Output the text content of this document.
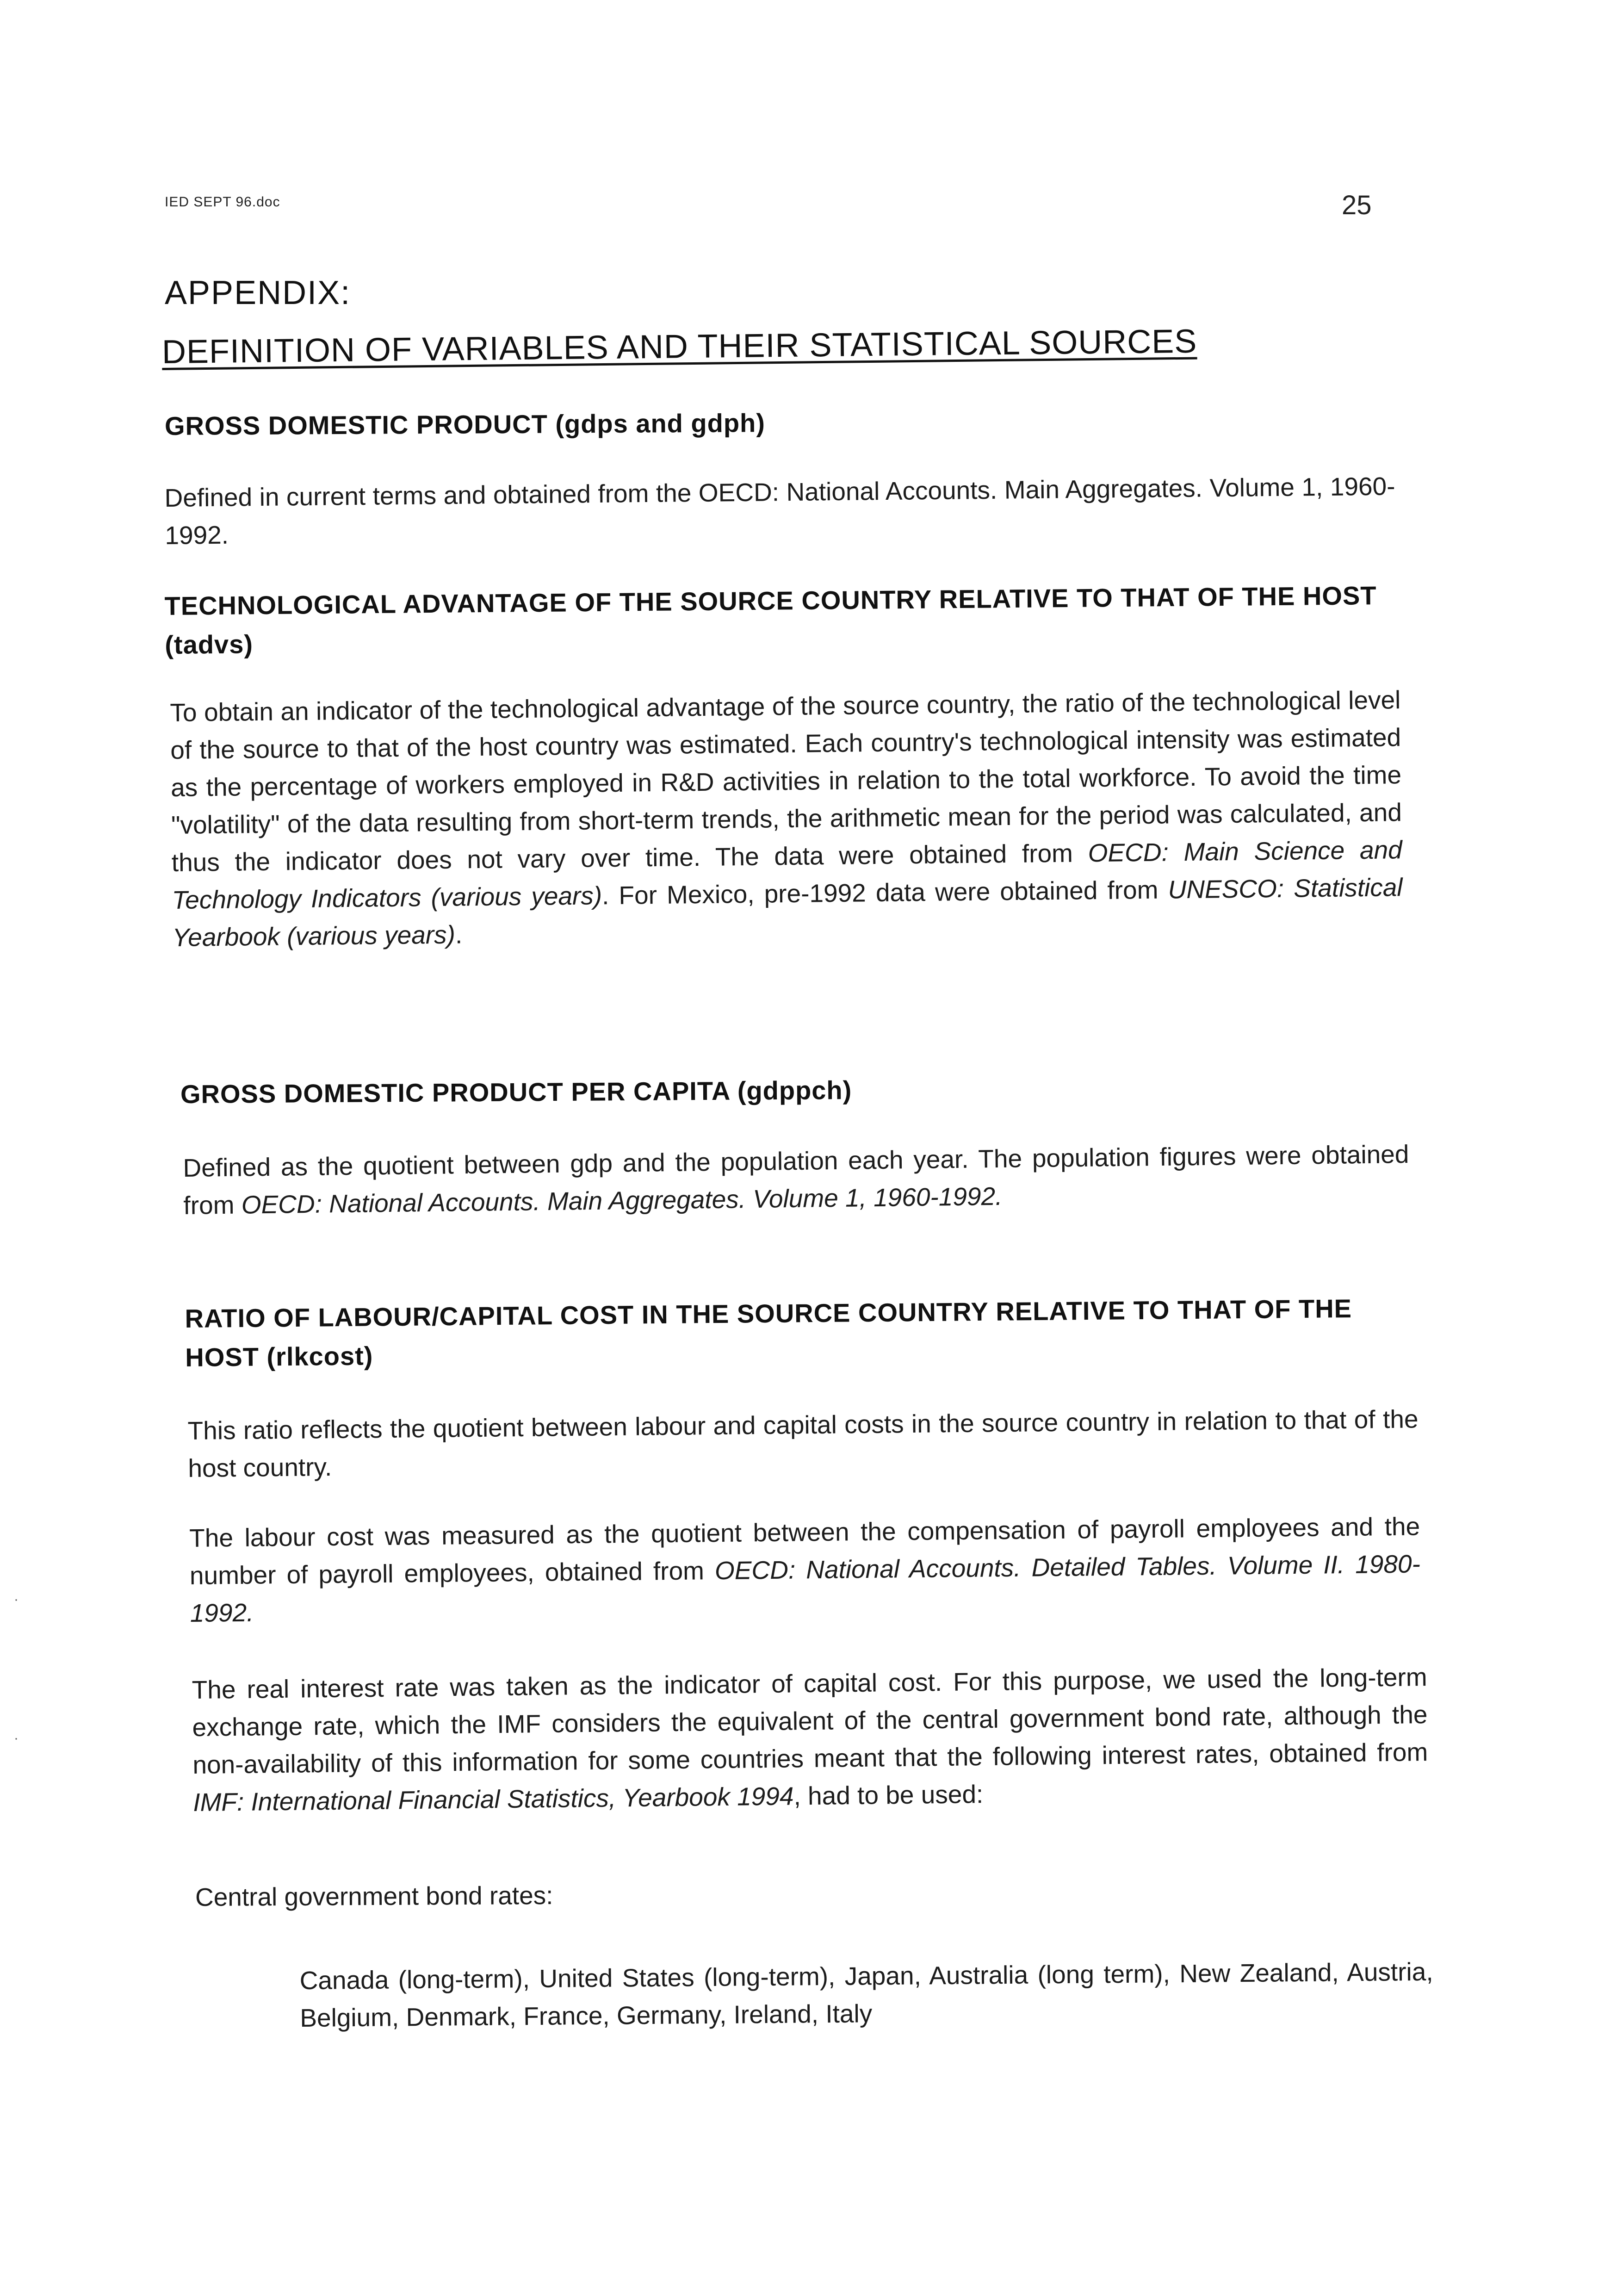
IED SEPT 96.doc	25
APPENDIX:
DEFINITION OF VARIABLES AND THEIR STATISTICAL SOURCES
GROSS DOMESTIC PRODUCT (gdps and gdph)
Defined in current terms and obtained from the OECD: National Accounts. Main Aggregates. Volume 1, 1960-1992.
TECHNOLOGICAL ADVANTAGE OF THE SOURCE COUNTRY RELATIVE TO THAT OF THE HOST (tadvs)
To obtain an indicator of the technological advantage of the source country, the ratio of the technological level of the source to that of the host country was estimated. Each country's technological intensity was estimated as the percentage of workers employed in R&D activities in relation to the total workforce. To avoid the time "volatility" of the data resulting from short-term trends, the arithmetic mean for the period was calculated, and thus the indicator does not vary over time. The data were obtained from OECD: Main Science and Technology Indicators (various years). For Mexico, pre-1992 data were obtained from UNESCO: Statistical Yearbook (various years).
GROSS DOMESTIC PRODUCT PER CAPITA (gdppch)
Defined as the quotient between gdp and the population each year. The population figures were obtained from OECD: National Accounts. Main Aggregates. Volume 1, 1960-1992.
RATIO OF LABOUR/CAPITAL COST IN THE SOURCE COUNTRY RELATIVE TO THAT OF THE HOST (rlkcost)
This ratio reflects the quotient between labour and capital costs in the source country in relation to that of the host country.
The labour cost was measured as the quotient between the compensation of payroll employees and the number of payroll employees, obtained from OECD: National Accounts. Detailed Tables. Volume II. 1980-1992.
The real interest rate was taken as the indicator of capital cost. For this purpose, we used the long-term exchange rate, which the IMF considers the equivalent of the central government bond rate, although the non-availability of this information for some countries meant that the following interest rates, obtained from IMF: International Financial Statistics, Yearbook 1994, had to be used:
Central government bond rates:
Canada (long-term), United States (long-term), Japan, Australia (long term), New Zealand, Austria, Belgium, Denmark, France, Germany, Ireland, Italy
·
·
